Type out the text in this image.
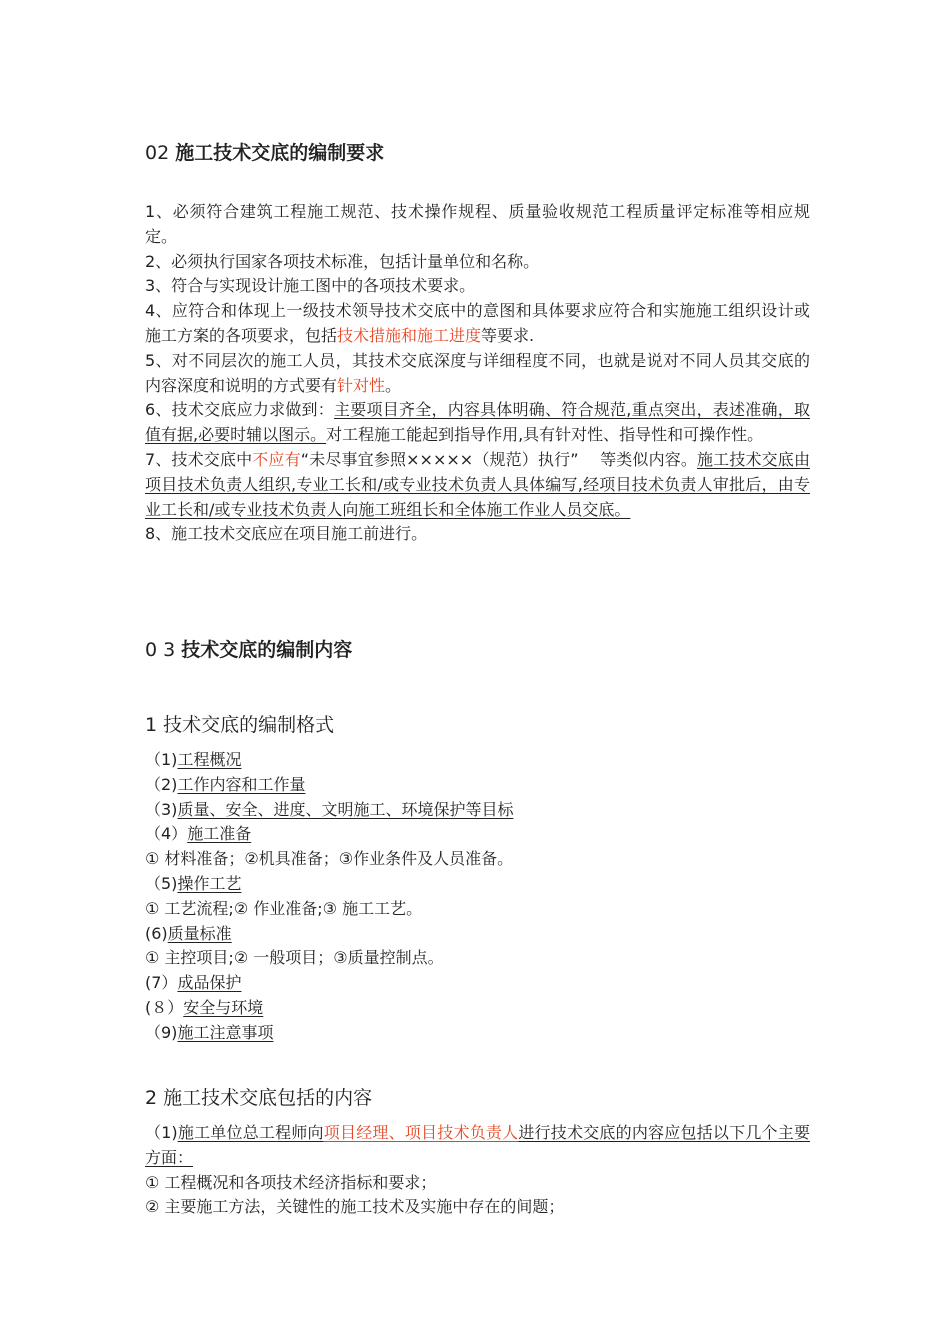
02 施工技术交底的编制要求
1、必须符合建筑工程施工规范、技术操作规程、质量验收规范工程质量评定标准等相应规定。
2、必须执行国家各项技术标准，包括计量单位和名称。
3、符合与实现设计施工图中的各项技术要求。
4、应符合和体现上一级技术领导技术交底中的意图和具体要求应符合和实施施工组织设计或施工方案的各项要求，包括技术措施和施工进度等要求.
5、对不同层次的施工人员，其技术交底深度与详细程度不同，也就是说对不同人员其交底的内容深度和说明的方式要有针对性。
6、技术交底应力求做到：主要项目齐全，内容具体明确、符合规范,重点突出，表述准确，取值有据,必要时辅以图示。对工程施工能起到指导作用,具有针对性、指导性和可操作性。
7、技术交底中不应有“未尽事宜参照×××××（规范）执行”　 等类似内容。施工技术交底由项目技术负责人组织,专业工长和/或专业技术负责人具体编写,经项目技术负责人审批后，由专业工长和/或专业技术负责人向施工班组长和全体施工作业人员交底。
8、施工技术交底应在项目施工前进行。
0 3 技术交底的编制内容
1 技术交底的编制格式
（1)工程概况
（2)工作内容和工作量
（3)质量、安全、进度、文明施工、环境保护等目标
（4）施工准备
① 材料准备；②机具准备；③作业条件及人员准备。
（5)操作工艺
① 工艺流程;② 作业准备;③ 施工工艺。
(6)质量标准
① 主控项目;② 一般项目；③质量控制点。
(7）成品保护
(８）安全与环境
（9)施工注意事项
2 施工技术交底包括的内容
（1)施工单位总工程师向项目经理、项目技术负责人进行技术交底的内容应包括以下几个主要方面：
① 工程概况和各项技术经济指标和要求；
② 主要施工方法，关键性的施工技术及实施中存在的间题；
